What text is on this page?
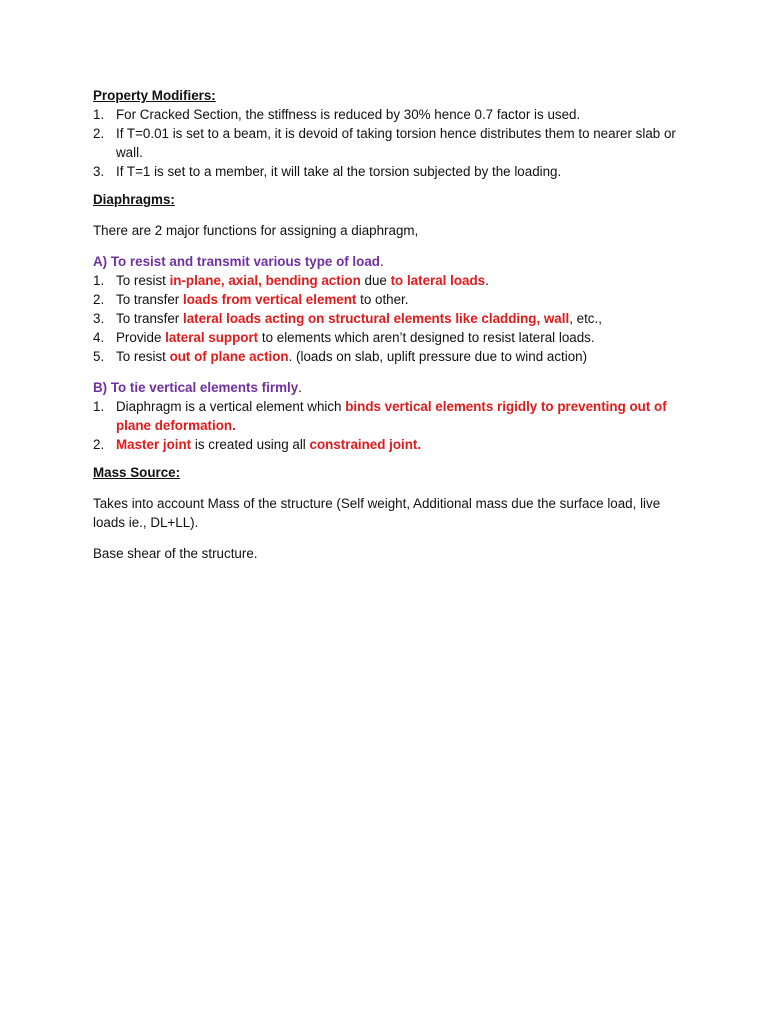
Property Modifiers:

1. For Cracked Section, the stiffness is reduced by 30% hence 0.7 factor is used.
2. If T=0.01 is set to a beam, it is devoid of taking torsion hence distributes them to nearer slab or wall.
3. If T=1 is set to a member, it will take al the torsion subjected by the loading.

Diaphragms:

There are 2 major functions for assigning a diaphragm,

A) To resist and transmit various type of load.

1. To resist in-plane, axial, bending action due to lateral loads.
2. To transfer loads from vertical element to other.
3. To transfer lateral loads acting on structural elements like cladding, wall, etc.,
4. Provide lateral support to elements which aren’t designed to resist lateral loads.
5. To resist out of plane action. (loads on slab, uplift pressure due to wind action)

B) To tie vertical elements firmly.

1. Diaphragm is a vertical element which binds vertical elements rigidly to preventing out of plane deformation.
2. Master joint is created using all constrained joint.

Mass Source:

Takes into account Mass of the structure (Self weight, Additional mass due the surface load, live loads ie., DL+LL).

Base shear of the structure.
